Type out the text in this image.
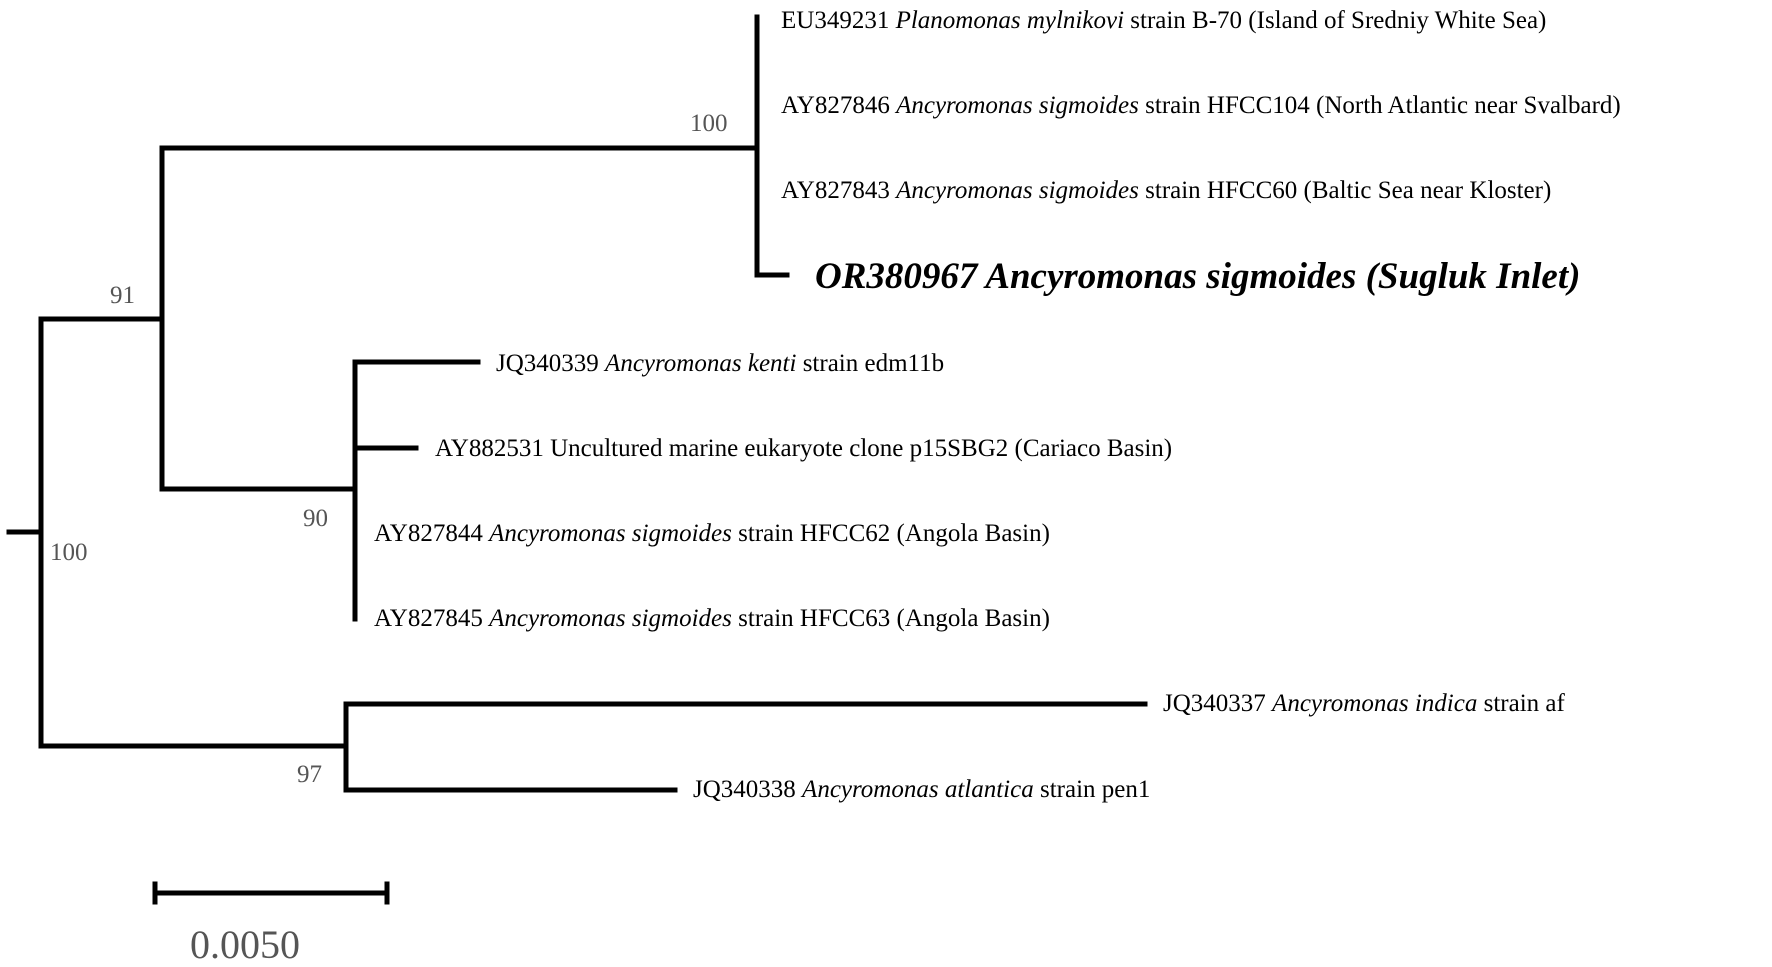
100
91
100
90
97
EU349231 Planomonas mylnikovi strain B-70 (Island of Sredniy White Sea)
AY827846 Ancyromonas sigmoides strain HFCC104 (North Atlantic near Svalbard)
AY827843 Ancyromonas sigmoides strain HFCC60 (Baltic Sea near Kloster)
OR380967 Ancyromonas sigmoides (Sugluk Inlet)
JQ340339 Ancyromonas kenti strain edm11b
AY882531 Uncultured marine eukaryote clone p15SBG2 (Cariaco Basin)
AY827844 Ancyromonas sigmoides strain HFCC62 (Angola Basin)
AY827845 Ancyromonas sigmoides strain HFCC63 (Angola Basin)
JQ340337 Ancyromonas indica strain af
JQ340338 Ancyromonas atlantica strain pen1
0.0050
